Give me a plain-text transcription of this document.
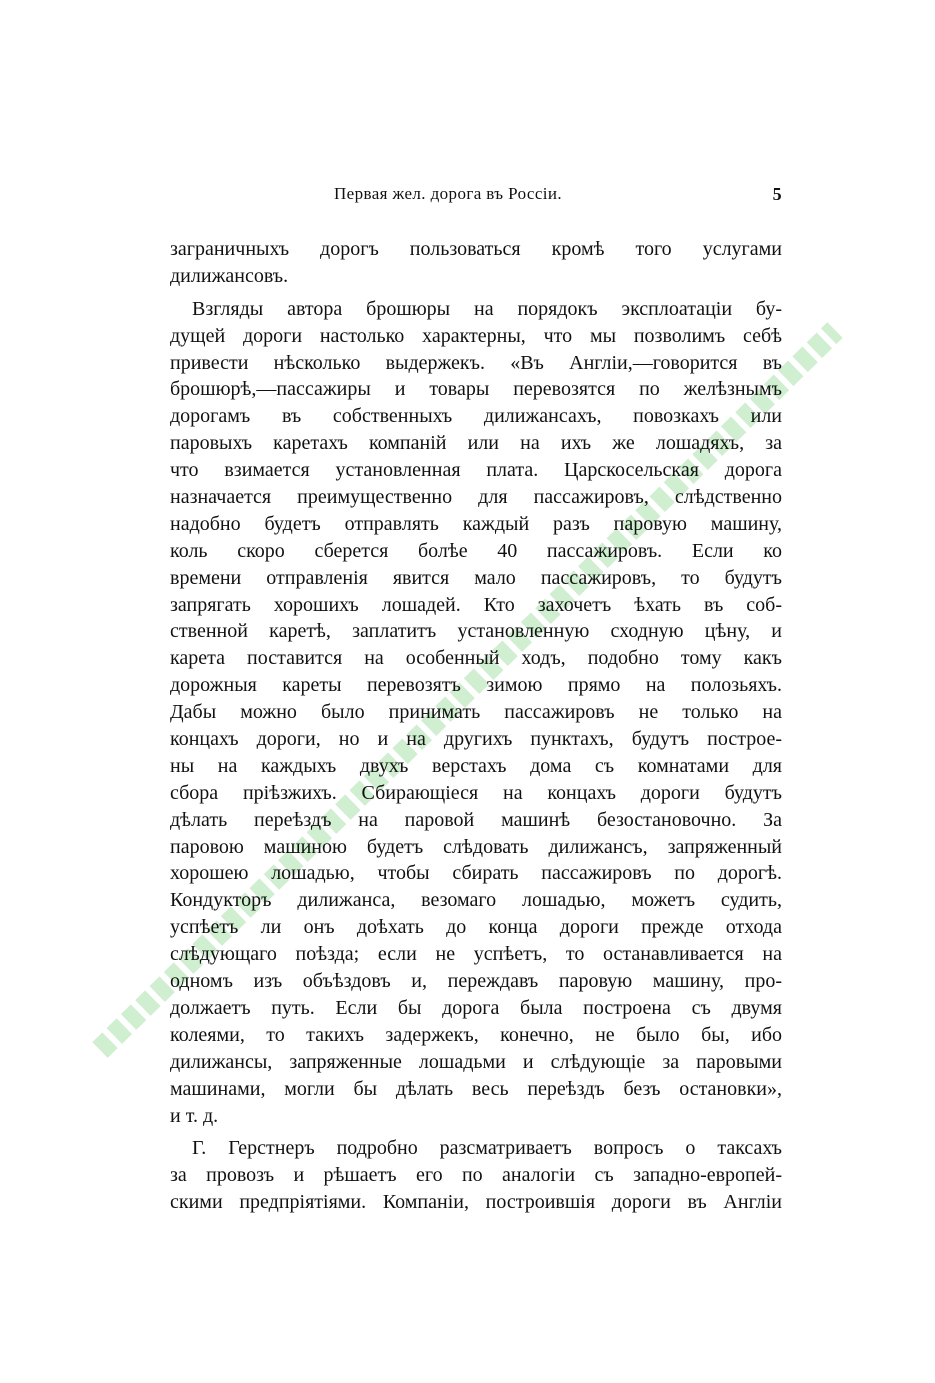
Первая жел. дорога въ Россіи.	5
заграничныхъ дорогъ пользоваться кромѣ того услугами
дилижансовъ.
Взгляды автора брошюры на порядокъ эксплоатаціи бу-
дущей дороги настолько характерны, что мы позволимъ себѣ
привести нѣсколько выдержекъ. «Въ Англіи,—говорится въ
брошюрѣ,—пассажиры и товары перевозятся по желѣзнымъ
дорогамъ въ собственныхъ дилижансахъ, повозкахъ или
паровыхъ каретахъ компаній или на ихъ же лошадяхъ, за
что взимается установленная плата. Царскосельская дорога
назначается преимущественно для пассажировъ, слѣдственно
надобно будетъ отправлять каждый разъ паровую машину,
коль скоро сберется болѣе 40 пассажировъ. Если ко
времени отправленія явится мало пассажировъ, то будутъ
запрягать хорошихъ лошадей. Кто захочетъ ѣхать въ соб-
ственной каретѣ, заплатитъ установленную сходную цѣну, и
карета поставится на особенный ходъ, подобно тому какъ
дорожныя кареты перевозятъ зимою прямо на полозьяхъ.
Дабы можно было принимать пассажировъ не только на
концахъ дороги, но и на другихъ пунктахъ, будутъ построе-
ны на каждыхъ двухъ верстахъ дома съ комнатами для
сбора пріѣзжихъ. Сбирающіеся на концахъ дороги будутъ
дѣлать переѣздъ на паровой машинѣ безостановочно. За
паровою машиною будетъ слѣдовать дилижансъ, запряженный
хорошею лошадью, чтобы сбирать пассажировъ по дорогѣ.
Кондукторъ дилижанса, везомаго лошадью, можетъ судить,
успѣетъ ли онъ доѣхать до конца дороги прежде отхода
слѣдующаго поѣзда; если не успѣетъ, то останавливается на
одномъ изъ объѣздовъ и, переждавъ паровую машину, про-
должаетъ путь. Если бы дорога была построена съ двумя
колеями, то такихъ задержекъ, конечно, не было бы, ибо
дилижансы, запряженные лошадьми и слѣдующіе за паровыми
машинами, могли бы дѣлать весь переѣздъ безъ остановки»,
и т. д.
Г. Герстнеръ подробно разсматриваетъ вопросъ о таксахъ
за провозъ и рѣшаетъ его по аналогіи съ западно-европей-
скими предпріятіями. Компаніи, построившія дороги въ Англіи
